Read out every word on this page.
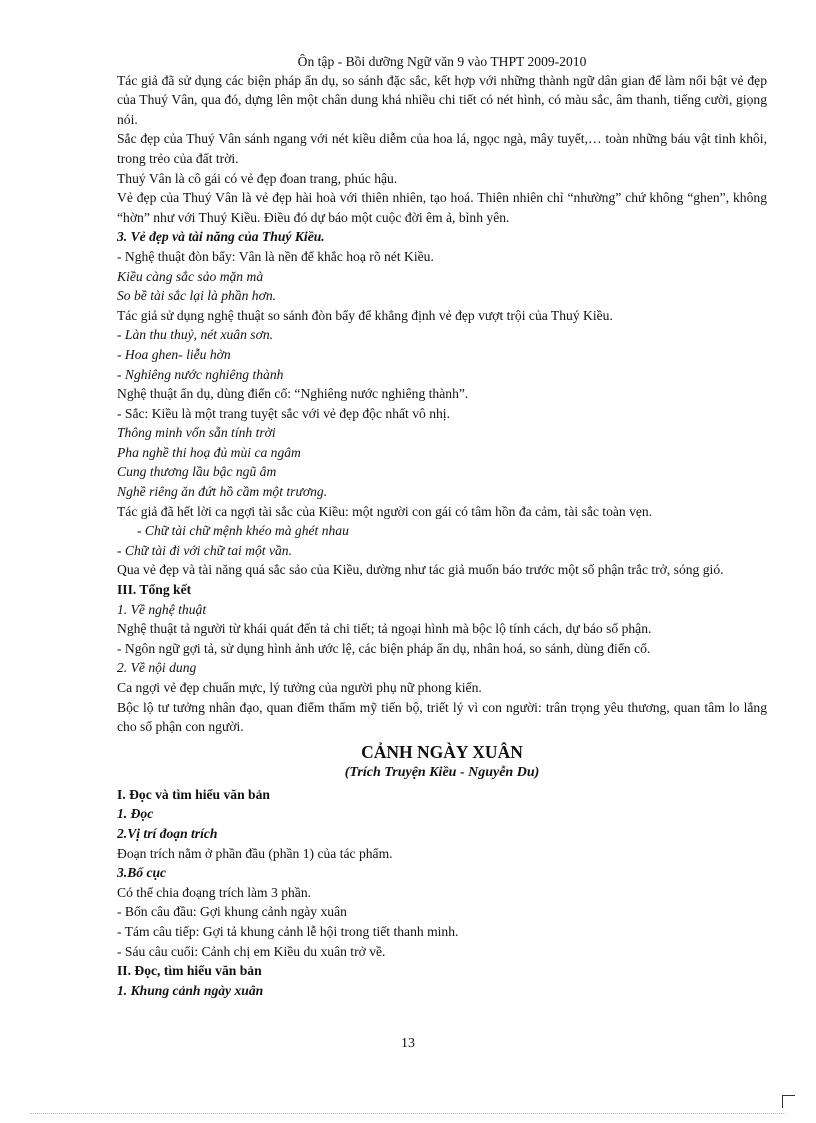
Ôn tập - Bồi dưỡng Ngữ văn 9 vào THPT 2009-2010

Tác giả đã sử dụng các biện pháp ẩn dụ, so sánh đặc sắc, kết hợp với những thành ngữ dân gian để làm nổi bật vẻ đẹp của Thuý Vân, qua đó, dựng lên một chân dung khá nhiều chi tiết có nét hình, có màu sắc, âm thanh, tiếng cười, giọng nói.

Sắc đẹp của Thuý Vân sánh ngang với nét kiều diễm của hoa lá, ngọc ngà, mây tuyết,… toàn những báu vật tinh khôi, trong trẻo của đất trời.

Thuý Vân là cô gái có vẻ đẹp đoan trang, phúc hậu.

Vẻ đẹp của Thuý Vân là vẻ đẹp hài hoà với thiên nhiên, tạo hoá. Thiên nhiên chỉ “nhường” chứ không “ghen”, không “hờn” như với Thuý Kiều. Điều đó dự báo một cuộc đời êm ả, bình yên.

3. Vẻ đẹp và tài năng của Thuý Kiều.

- Nghệ thuật đòn bẩy: Vân là nền để khắc hoạ rõ nét Kiều.

Kiều càng sắc sảo mặn mà

So bề tài sắc lại là phần hơn.

Tác giả sử dụng nghệ thuật so sánh đòn bẩy để khẳng định vẻ đẹp vượt trội của Thuý Kiều.

- Làn thu thuỷ, nét xuân sơn.

- Hoa ghen- liễu hờn

- Nghiêng nước nghiêng thành

Nghệ thuật ẩn dụ, dùng điển cố: “Nghiêng nước nghiêng thành”.

- Sắc: Kiều là một trang tuyệt sắc với vẻ đẹp độc nhất vô nhị.

Thông minh vốn sẵn tính trời

Pha nghề thi hoạ đủ mùi ca ngâm

Cung thương lầu bậc ngũ âm

Nghề riêng ăn đứt hồ cầm một trương.

Tác giả đã hết lời ca ngợi tài sắc của Kiều: một người con gái có tâm hồn đa cảm, tài sắc toàn vẹn.

- Chữ tài chữ mệnh khéo mà ghét nhau

- Chữ tài đi với chữ tai một vần.

Qua vẻ đẹp và tài năng quá sắc sảo của Kiều, dường như tác giả muốn báo trước một số phận trắc trở, sóng gió.

III. Tổng kết

1. Về nghệ thuật

Nghệ thuật tả người từ khái quát đến tả chi tiết; tả ngoại hình mà bộc lộ tính cách, dự báo số phận.

- Ngôn ngữ gợi tả, sử dụng hình ảnh ước lệ, các biện pháp ẩn dụ, nhân hoá, so sánh, dùng điển cố.

2. Về nội dung

Ca ngợi vẻ đẹp chuẩn mực, lý tưởng của người phụ nữ phong kiến.

Bộc lộ tư tưởng nhân đạo, quan điểm thẩm mỹ tiến bộ, triết lý vì con người: trân trọng yêu thương, quan tâm lo lắng cho số phận con người.

CẢNH NGÀY XUÂN

(Trích Truyện Kiều - Nguyễn Du)

I. Đọc và tìm hiểu văn bản

1. Đọc

2.Vị trí đoạn trích

Đoạn trích nằm ở phần đầu (phần 1) của tác phẩm.

3.Bố cục

Có thể chia đoạng trích làm 3 phần.

- Bốn câu đầu: Gợi khung cảnh ngày xuân

- Tám câu tiếp: Gợi tả khung cảnh lễ hội trong tiết thanh minh.

- Sáu câu cuối: Cảnh chị em Kiều du xuân trở về.

II. Đọc, tìm hiểu văn bản

1. Khung cảnh ngày xuân

13
